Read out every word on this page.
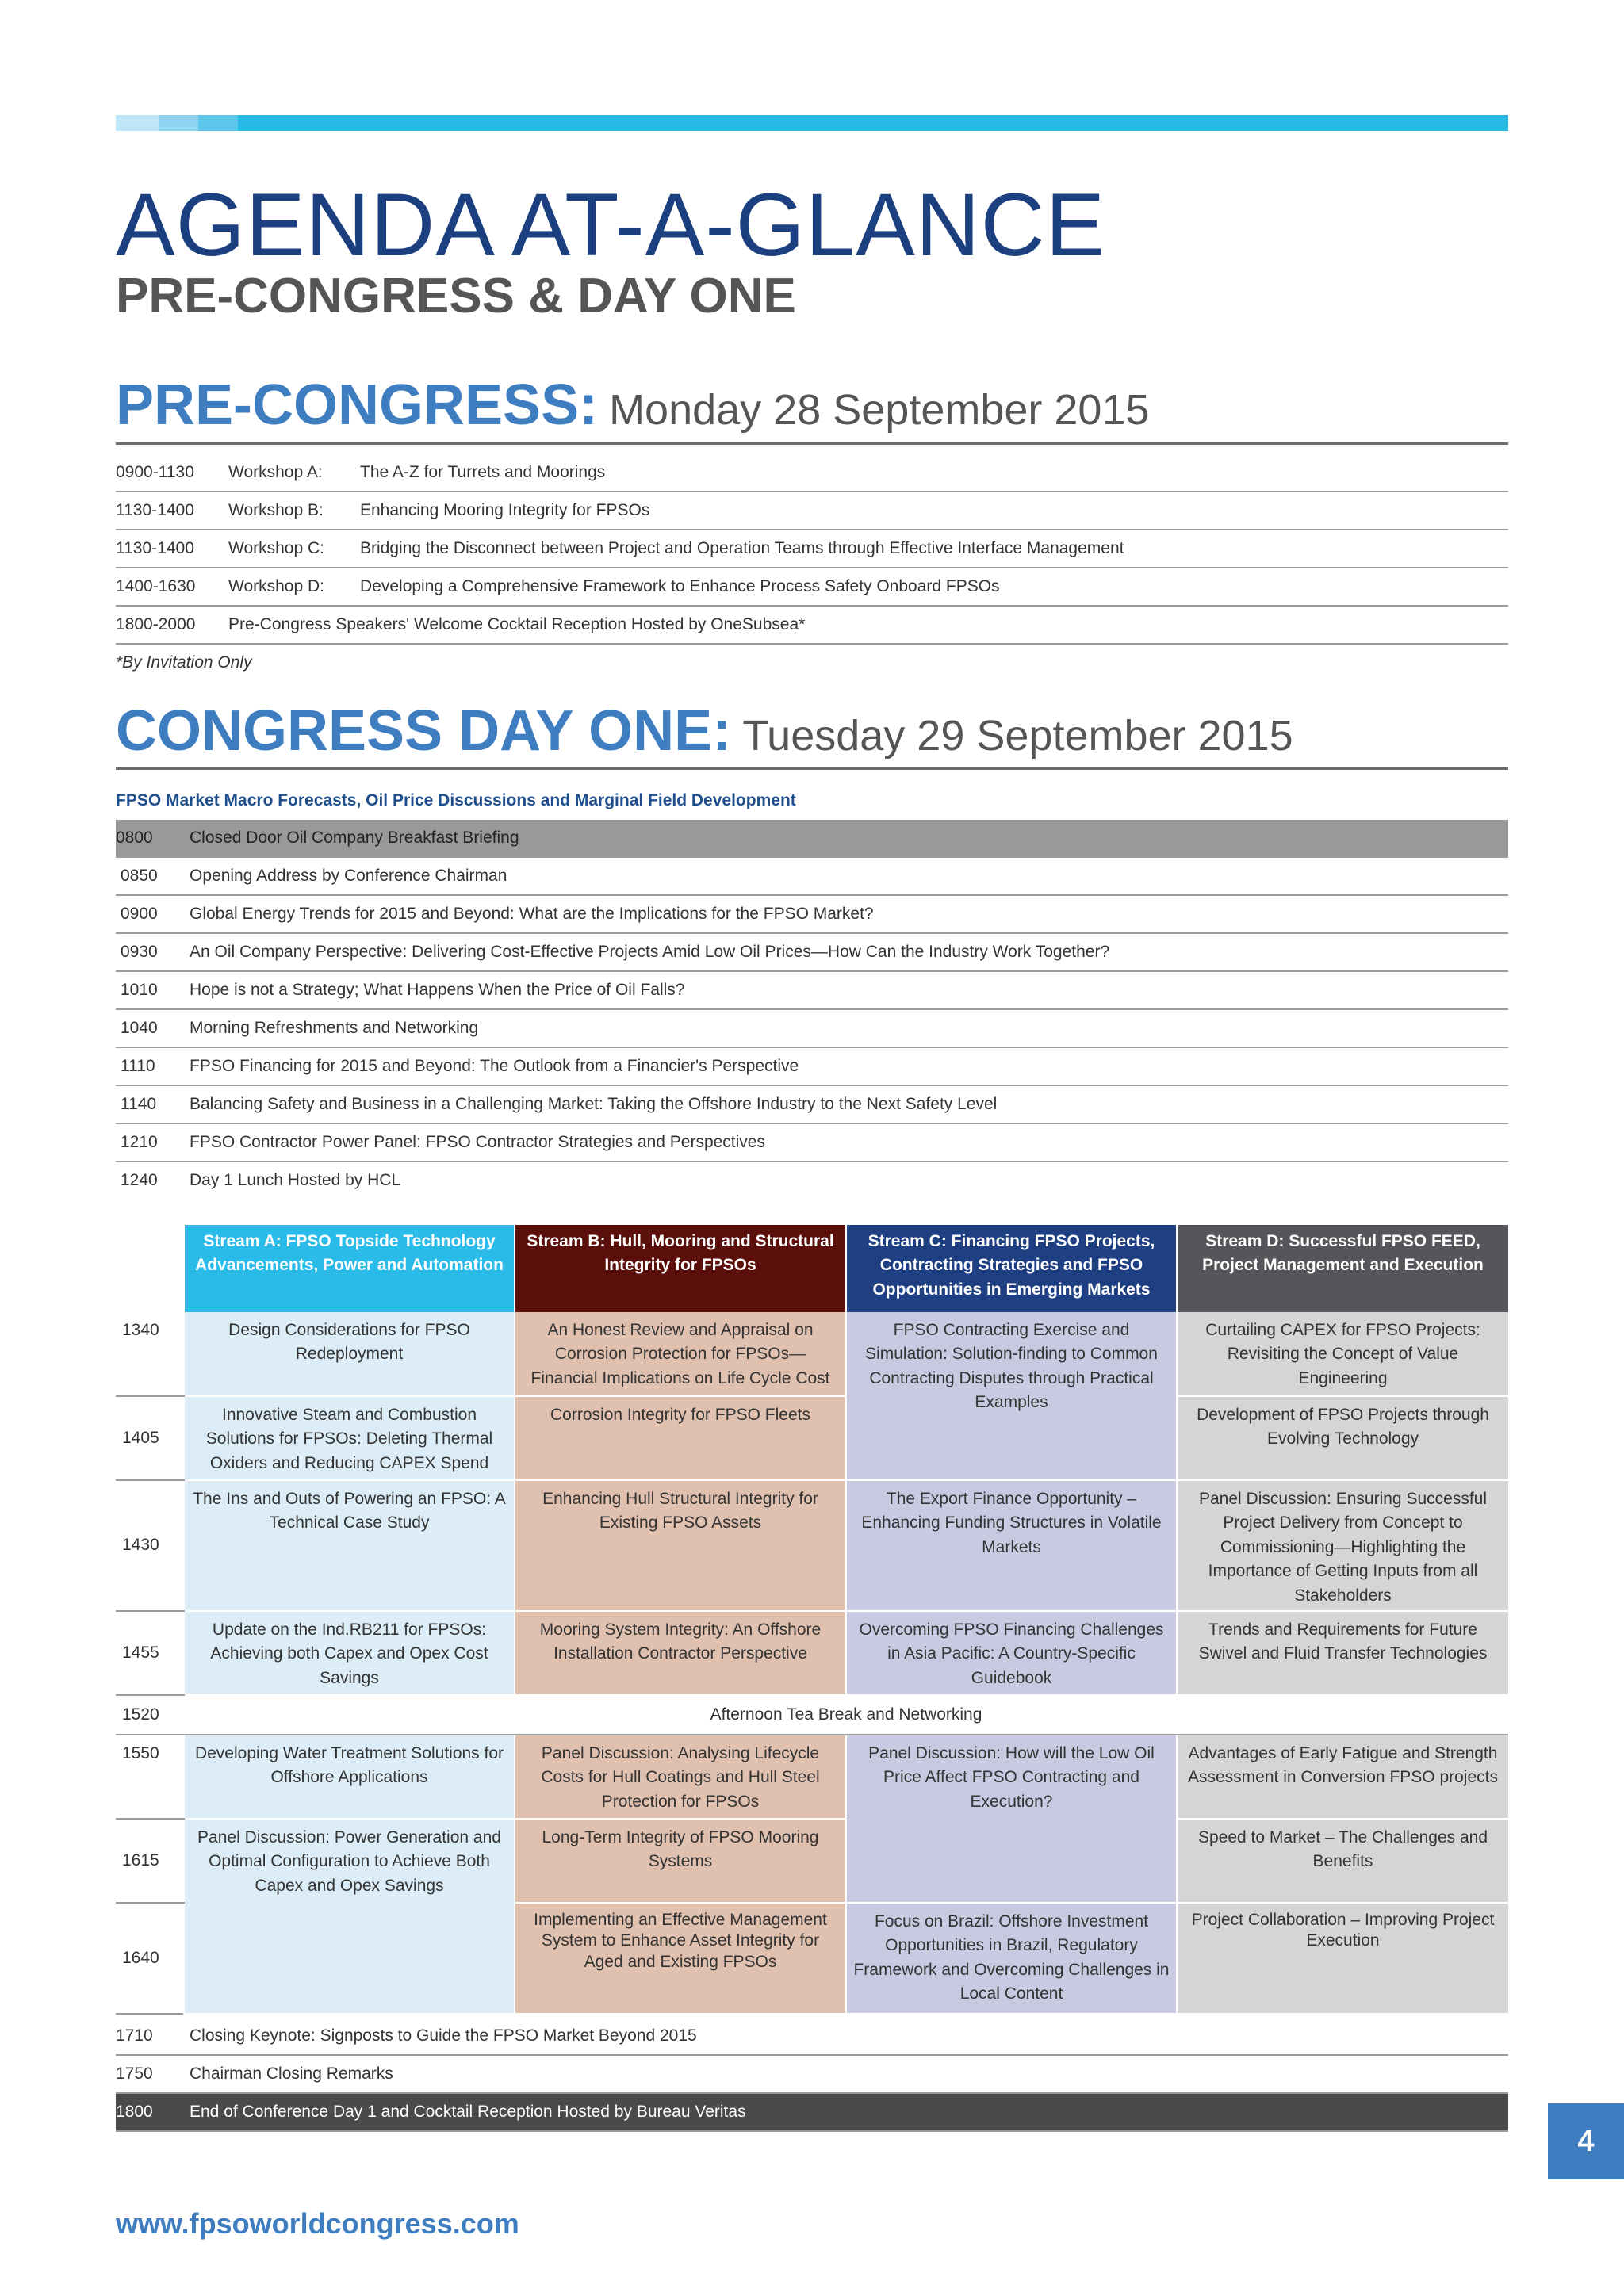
AGENDA AT-A-GLANCE
PRE-CONGRESS & DAY ONE
PRE-CONGRESS: Monday 28 September 2015
0900-1130	Workshop A:	The A-Z for Turrets and Moorings
1130-1400	Workshop B:	Enhancing Mooring Integrity for FPSOs
1130-1400	Workshop C:	Bridging the Disconnect between Project and Operation Teams through Effective Interface Management
1400-1630	Workshop D:	Developing a Comprehensive Framework to Enhance Process Safety Onboard FPSOs
1800-2000	Pre-Congress Speakers' Welcome Cocktail Reception Hosted by OneSubsea*	
*By Invitation Only
CONGRESS DAY ONE: Tuesday 29 September 2015
FPSO Market Macro Forecasts, Oil Price Discussions and Marginal Field Development
0800	Closed Door Oil Company Breakfast Briefing
0850	Opening Address by Conference Chairman
0900	Global Energy Trends for 2015 and Beyond: What are the Implications for the FPSO Market?
0930	An Oil Company Perspective: Delivering Cost-Effective Projects Amid Low Oil Prices—How Can the Industry Work Together?
1010	Hope is not a Strategy; What Happens When the Price of Oil Falls?
1040	Morning Refreshments and Networking
1110	FPSO Financing for 2015 and Beyond: The Outlook from a Financier's Perspective
1140	Balancing Safety and Business in a Challenging Market: Taking the Offshore Industry to the Next Safety Level
1210	FPSO Contractor Power Panel: FPSO Contractor Strategies and Perspectives
1240	Day 1 Lunch Hosted by HCL
	Stream A: FPSO Topside Technology Advancements, Power and Automation	Stream B: Hull, Mooring and Structural Integrity for FPSOs	Stream C: Financing FPSO Projects, Contracting Strategies and FPSO Opportunities in Emerging Markets	Stream D: Successful FPSO FEED, Project Management and Execution
1340	Design Considerations for FPSO Redeployment	An Honest Review and Appraisal on Corrosion Protection for FPSOs—Financial Implications on Life Cycle Cost	FPSO Contracting Exercise and Simulation: Solution-finding to Common Contracting Disputes through Practical Examples	Curtailing CAPEX for FPSO Projects: Revisiting the Concept of Value Engineering
1405	Innovative Steam and Combustion Solutions for FPSOs: Deleting Thermal Oxiders and Reducing CAPEX Spend	Corrosion Integrity for FPSO Fleets		Development of FPSO Projects through Evolving Technology
1430	The Ins and Outs of Powering an FPSO: A Technical Case Study	Enhancing Hull Structural Integrity for Existing FPSO Assets	The Export Finance Opportunity – Enhancing Funding Structures in Volatile Markets	Panel Discussion: Ensuring Successful Project Delivery from Concept to Commissioning—Highlighting the Importance of Getting Inputs from all Stakeholders
1455	Update on the Ind.RB211 for FPSOs: Achieving both Capex and Opex Cost Savings	Mooring System Integrity: An Offshore Installation Contractor Perspective	Overcoming FPSO Financing Challenges in Asia Pacific: A Country-Specific Guidebook	Trends and Requirements for Future Swivel and Fluid Transfer Technologies
1520	Afternoon Tea Break and Networking			
1550	Developing Water Treatment Solutions for Offshore Applications	Panel Discussion: Analysing Lifecycle Costs for Hull Coatings and Hull Steel Protection for FPSOs	Panel Discussion: How will the Low Oil Price Affect FPSO Contracting and Execution?	Advantages of Early Fatigue and Strength Assessment in Conversion FPSO projects
1615	Panel Discussion: Power Generation and Optimal Configuration to Achieve Both Capex and Opex Savings	Long-Term Integrity of FPSO Mooring Systems		Speed to Market – The Challenges and Benefits
1640		Implementing an Effective Management System to Enhance Asset Integrity for Aged and Existing FPSOs	Focus on Brazil: Offshore Investment Opportunities in Brazil, Regulatory Framework and Overcoming Challenges in Local Content	Project Collaboration – Improving Project Execution
1710	Closing Keynote: Signposts to Guide the FPSO Market Beyond 2015
1750	Chairman Closing Remarks
1800	End of Conference Day 1 and Cocktail Reception Hosted by Bureau Veritas
4
www.fpsoworldcongress.com
